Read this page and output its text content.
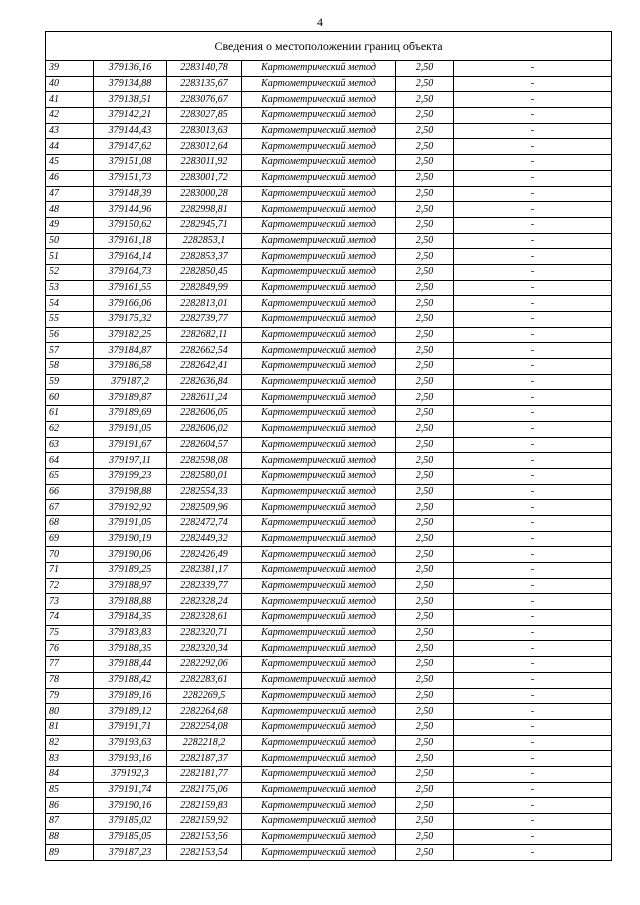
4
Сведения о местоположении границ объекта					
39	379136,16	2283140,78	Картометрический метод	2,50	-
40	379134,88	2283135,67	Картометрический метод	2,50	-
41	379138,51	2283076,67	Картометрический метод	2,50	-
42	379142,21	2283027,85	Картометрический метод	2,50	-
43	379144,43	2283013,63	Картометрический метод	2,50	-
44	379147,62	2283012,64	Картометрический метод	2,50	-
45	379151,08	2283011,92	Картометрический метод	2,50	-
46	379151,73	2283001,72	Картометрический метод	2,50	-
47	379148,39	2283000,28	Картометрический метод	2,50	-
48	379144,96	2282998,81	Картометрический метод	2,50	-
49	379150,62	2282945,71	Картометрический метод	2,50	-
50	379161,18	2282853,1	Картометрический метод	2,50	-
51	379164,14	2282853,37	Картометрический метод	2,50	-
52	379164,73	2282850,45	Картометрический метод	2,50	-
53	379161,55	2282849,99	Картометрический метод	2,50	-
54	379166,06	2282813,01	Картометрический метод	2,50	-
55	379175,32	2282739,77	Картометрический метод	2,50	-
56	379182,25	2282682,11	Картометрический метод	2,50	-
57	379184,87	2282662,54	Картометрический метод	2,50	-
58	379186,58	2282642,41	Картометрический метод	2,50	-
59	379187,2	2282636,84	Картометрический метод	2,50	-
60	379189,87	2282611,24	Картометрический метод	2,50	-
61	379189,69	2282606,05	Картометрический метод	2,50	-
62	379191,05	2282606,02	Картометрический метод	2,50	-
63	379191,67	2282604,57	Картометрический метод	2,50	-
64	379197,11	2282598,08	Картометрический метод	2,50	-
65	379199,23	2282580,01	Картометрический метод	2,50	-
66	379198,88	2282554,33	Картометрический метод	2,50	-
67	379192,92	2282509,96	Картометрический метод	2,50	-
68	379191,05	2282472,74	Картометрический метод	2,50	-
69	379190,19	2282449,32	Картометрический метод	2,50	-
70	379190,06	2282426,49	Картометрический метод	2,50	-
71	379189,25	2282381,17	Картометрический метод	2,50	-
72	379188,97	2282339,77	Картометрический метод	2,50	-
73	379188,88	2282328,24	Картометрический метод	2,50	-
74	379184,35	2282328,61	Картометрический метод	2,50	-
75	379183,83	2282320,71	Картометрический метод	2,50	-
76	379188,35	2282320,34	Картометрический метод	2,50	-
77	379188,44	2282292,06	Картометрический метод	2,50	-
78	379188,42	2282283,61	Картометрический метод	2,50	-
79	379189,16	2282269,5	Картометрический метод	2,50	-
80	379189,12	2282264,68	Картометрический метод	2,50	-
81	379191,71	2282254,08	Картометрический метод	2,50	-
82	379193,63	2282218,2	Картометрический метод	2,50	-
83	379193,16	2282187,37	Картометрический метод	2,50	-
84	379192,3	2282181,77	Картометрический метод	2,50	-
85	379191,74	2282175,06	Картометрический метод	2,50	-
86	379190,16	2282159,83	Картометрический метод	2,50	-
87	379185,02	2282159,92	Картометрический метод	2,50	-
88	379185,05	2282153,56	Картометрический метод	2,50	-
89	379187,23	2282153,54	Картометрический метод	2,50	-
